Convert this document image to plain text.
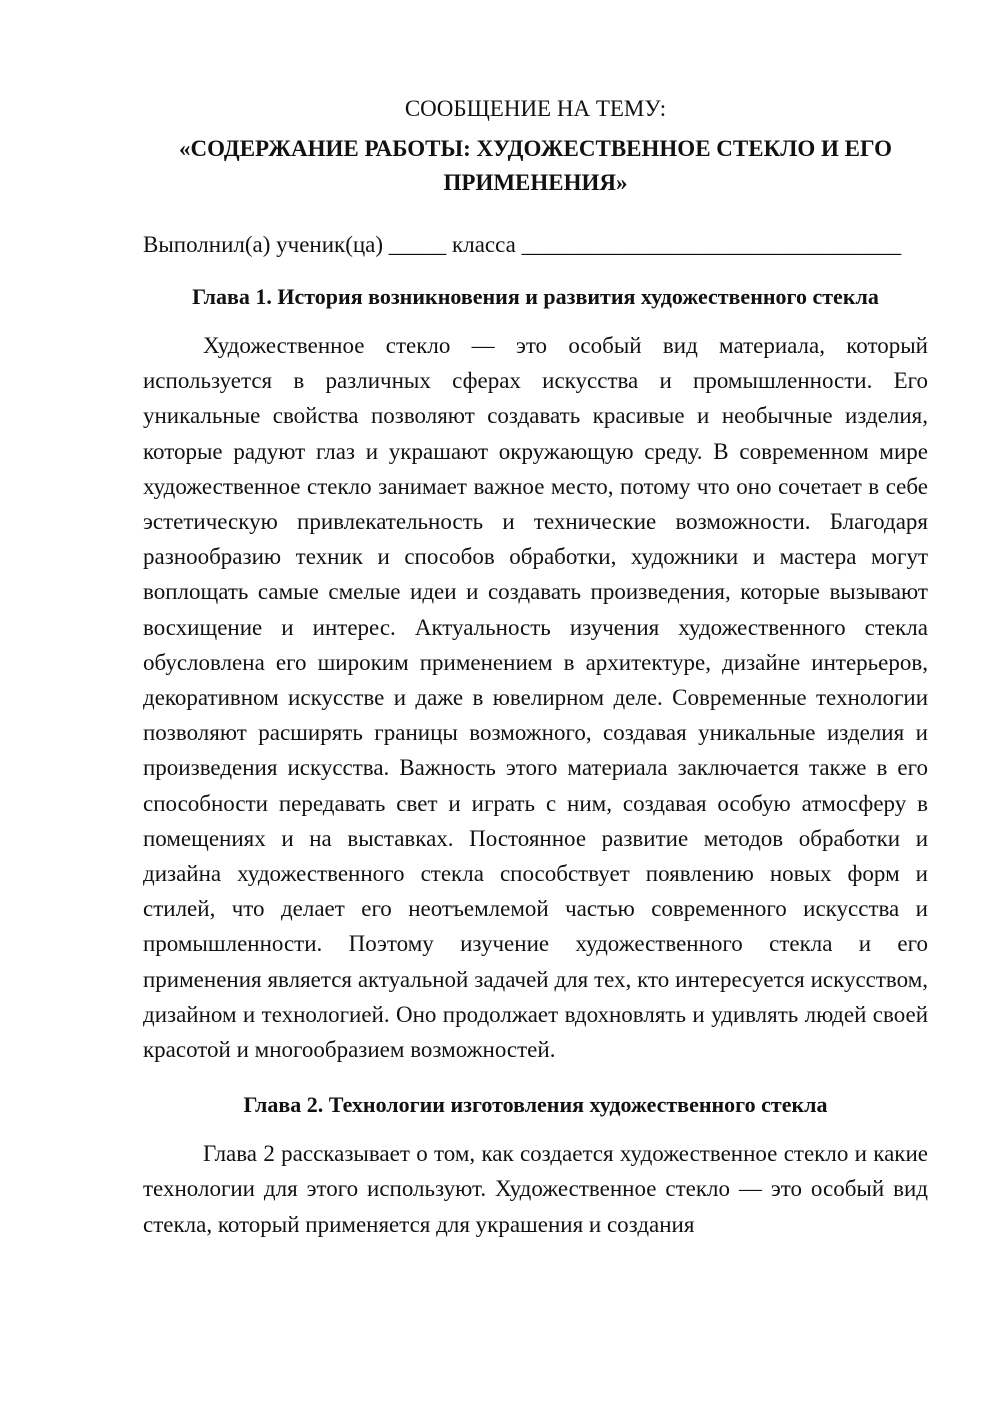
СООБЩЕНИЕ НА ТЕМУ:

«СОДЕРЖАНИЕ РАБОТЫ: ХУДОЖЕСТВЕННОЕ СТЕКЛО И ЕГО ПРИМЕНЕНИЯ»

Выполнил(а) ученик(ца) _____ класса _________________________________

Глава 1. История возникновения и развития художественного стекла

Художественное стекло — это особый вид материала, который используется в различных сферах искусства и промышленности. Его уникальные свойства позволяют создавать красивые и необычные изделия, которые радуют глаз и украшают окружающую среду. В современном мире художественное стекло занимает важное место, потому что оно сочетает в себе эстетическую привлекательность и технические возможности. Благодаря разнообразию техник и способов обработки, художники и мастера могут воплощать самые смелые идеи и создавать произведения, которые вызывают восхищение и интерес. Актуальность изучения художественного стекла обусловлена его широким применением в архитектуре, дизайне интерьеров, декоративном искусстве и даже в ювелирном деле. Современные технологии позволяют расширять границы возможного, создавая уникальные изделия и произведения искусства. Важность этого материала заключается также в его способности передавать свет и играть с ним, создавая особую атмосферу в помещениях и на выставках. Постоянное развитие методов обработки и дизайна художественного стекла способствует появлению новых форм и стилей, что делает его неотъемлемой частью современного искусства и промышленности. Поэтому изучение художественного стекла и его применения является актуальной задачей для тех, кто интересуется искусством, дизайном и технологией. Оно продолжает вдохновлять и удивлять людей своей красотой и многообразием возможностей.

Глава 2. Технологии изготовления художественного стекла

Глава 2 рассказывает о том, как создается художественное стекло и какие технологии для этого используют. Художественное стекло — это особый вид стекла, который применяется для украшения и создания
